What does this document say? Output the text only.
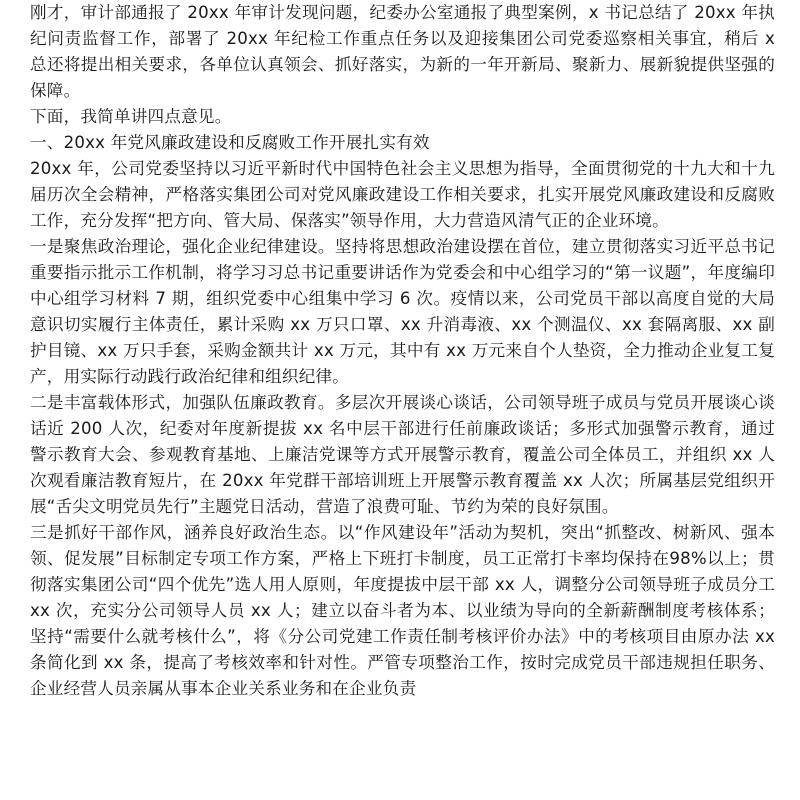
刚才，审计部通报了 20xx 年审计发现问题，纪委办公室通报了典型案例，x 书记总结了 20xx 年执纪问责监督工作，部署了 20xx 年纪检工作重点任务以及迎接集团公司党委巡察相关事宜，稍后 x 总还将提出相关要求，各单位认真领会、抓好落实，为新的一年开新局、聚新力、展新貌提供坚强的保障。

下面，我简单讲四点意见。

一、20xx 年党风廉政建设和反腐败工作开展扎实有效

20xx 年，公司党委坚持以习近平新时代中国特色社会主义思想为指导，全面贯彻党的十九大和十九届历次全会精神，严格落实集团公司对党风廉政建设工作相关要求，扎实开展党风廉政建设和反腐败工作，充分发挥“把方向、管大局、保落实”领导作用，大力营造风清气正的企业环境。

一是聚焦政治理论，强化企业纪律建设。坚持将思想政治建设摆在首位，建立贯彻落实习近平总书记重要指示批示工作机制，将学习习总书记重要讲话作为党委会和中心组学习的“第一议题”，年度编印中心组学习材料 7 期，组织党委中心组集中学习 6 次。疫情以来，公司党员干部以高度自觉的大局意识切实履行主体责任，累计采购 xx 万只口罩、xx 升消毒液、xx 个测温仪、xx 套隔离服、xx 副护目镜、xx 万只手套，采购金额共计 xx 万元，其中有 xx 万元来自个人垫资，全力推动企业复工复产，用实际行动践行政治纪律和组织纪律。

二是丰富载体形式，加强队伍廉政教育。多层次开展谈心谈话，公司领导班子成员与党员开展谈心谈话近 200 人次，纪委对年度新提拔 xx 名中层干部进行任前廉政谈话；多形式加强警示教育，通过警示教育大会、参观教育基地、上廉洁党课等方式开展警示教育，覆盖公司全体员工，并组织 xx 人次观看廉洁教育短片，在 20xx 年党群干部培训班上开展警示教育覆盖 xx 人次；所属基层党组织开展“舌尖文明党员先行”主题党日活动，营造了浪费可耻、节约为荣的良好氛围。

三是抓好干部作风，涵养良好政治生态。以“作风建设年”活动为契机，突出“抓整改、树新风、强本领、促发展”目标制定专项工作方案，严格上下班打卡制度，员工正常打卡率均保持在98%以上；贯彻落实集团公司“四个优先”选人用人原则，年度提拔中层干部 xx 人，调整分公司领导班子成员分工 xx 次，充实分公司领导人员 xx 人；建立以奋斗者为本、以业绩为导向的全新薪酬制度考核体系；坚持“需要什么就考核什么”，将《分公司党建工作责任制考核评价办法》中的考核项目由原办法 xx 条简化到 xx 条，提高了考核效率和针对性。严管专项整治工作，按时完成党员干部违规担任职务、企业经营人员亲属从事本企业关系业务和在企业负责
